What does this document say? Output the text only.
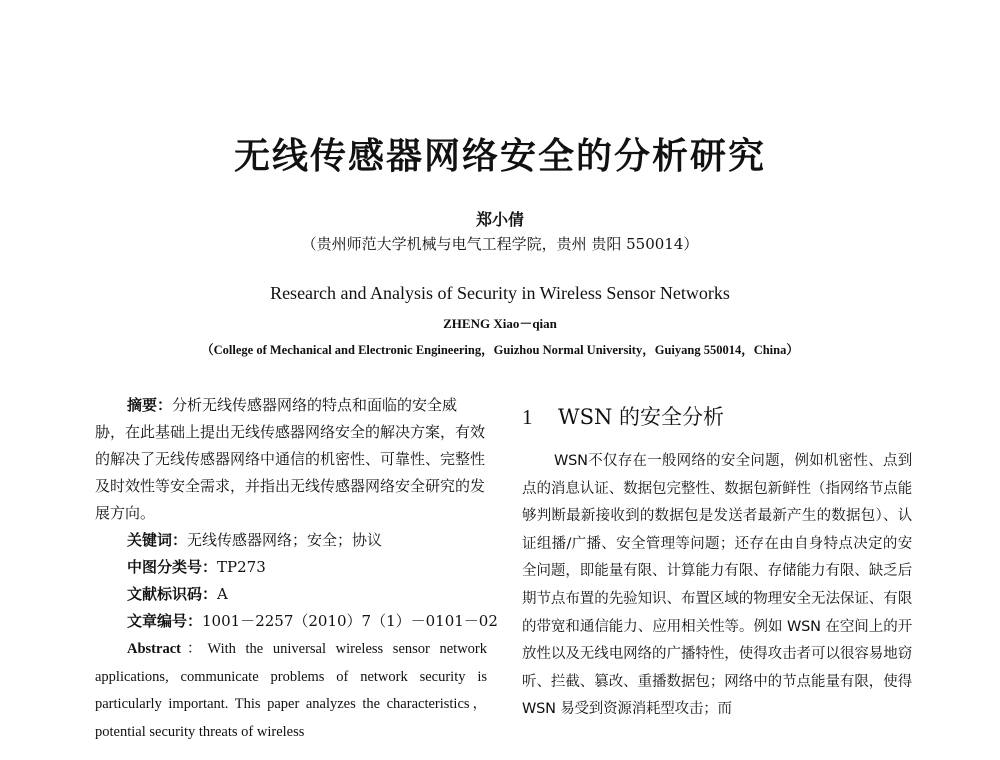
无线传感器网络安全的分析研究
郑小倩
（贵州师范大学机械与电气工程学院，贵州 贵阳 550014）
Research and Analysis of Security in Wireless Sensor Networks
ZHENG Xiao－qian
（College of Mechanical and Electronic Engineering，Guizhou Normal University，Guiyang 550014，China）

摘要：分析无线传感器网络的特点和面临的安全威胁，在此基础上提出无线传感器网络安全的解决方案，有效的解决了无线传感器网络中通信的机密性、可靠性、完整性及时效性等安全需求，并指出无线传感器网络安全研究的发展方向。

关键词：无线传感器网络；安全；协议

中图分类号：TP273

文献标识码：A

文章编号：1001－2257（2010）7（1）－0101－02

Abstract：With the universal wireless sensor network applications, communicate problems of network security is particularly important. This paper analyzes the characteristics，potential security threats of wireless

1 WSN 的安全分析

WSN不仅存在一般网络的安全问题，例如机密性、点到点的消息认证、数据包完整性、数据包新鲜性（指网络节点能够判断最新接收到的数据包是发送者最新产生的数据包）、认证组播/广播、安全管理等问题；还存在由自身特点决定的安全问题，即能量有限、计算能力有限、存储能力有限、缺乏后期节点布置的先验知识、布置区域的物理安全无法保证、有限的带宽和通信能力、应用相关性等。例如 WSN 在空间上的开放性以及无线电网络的广播特性，使得攻击者可以很容易地窃听、拦截、篡改、重播数据包；网络中的节点能量有限，使得 WSN 易受到资源消耗型攻击；而
